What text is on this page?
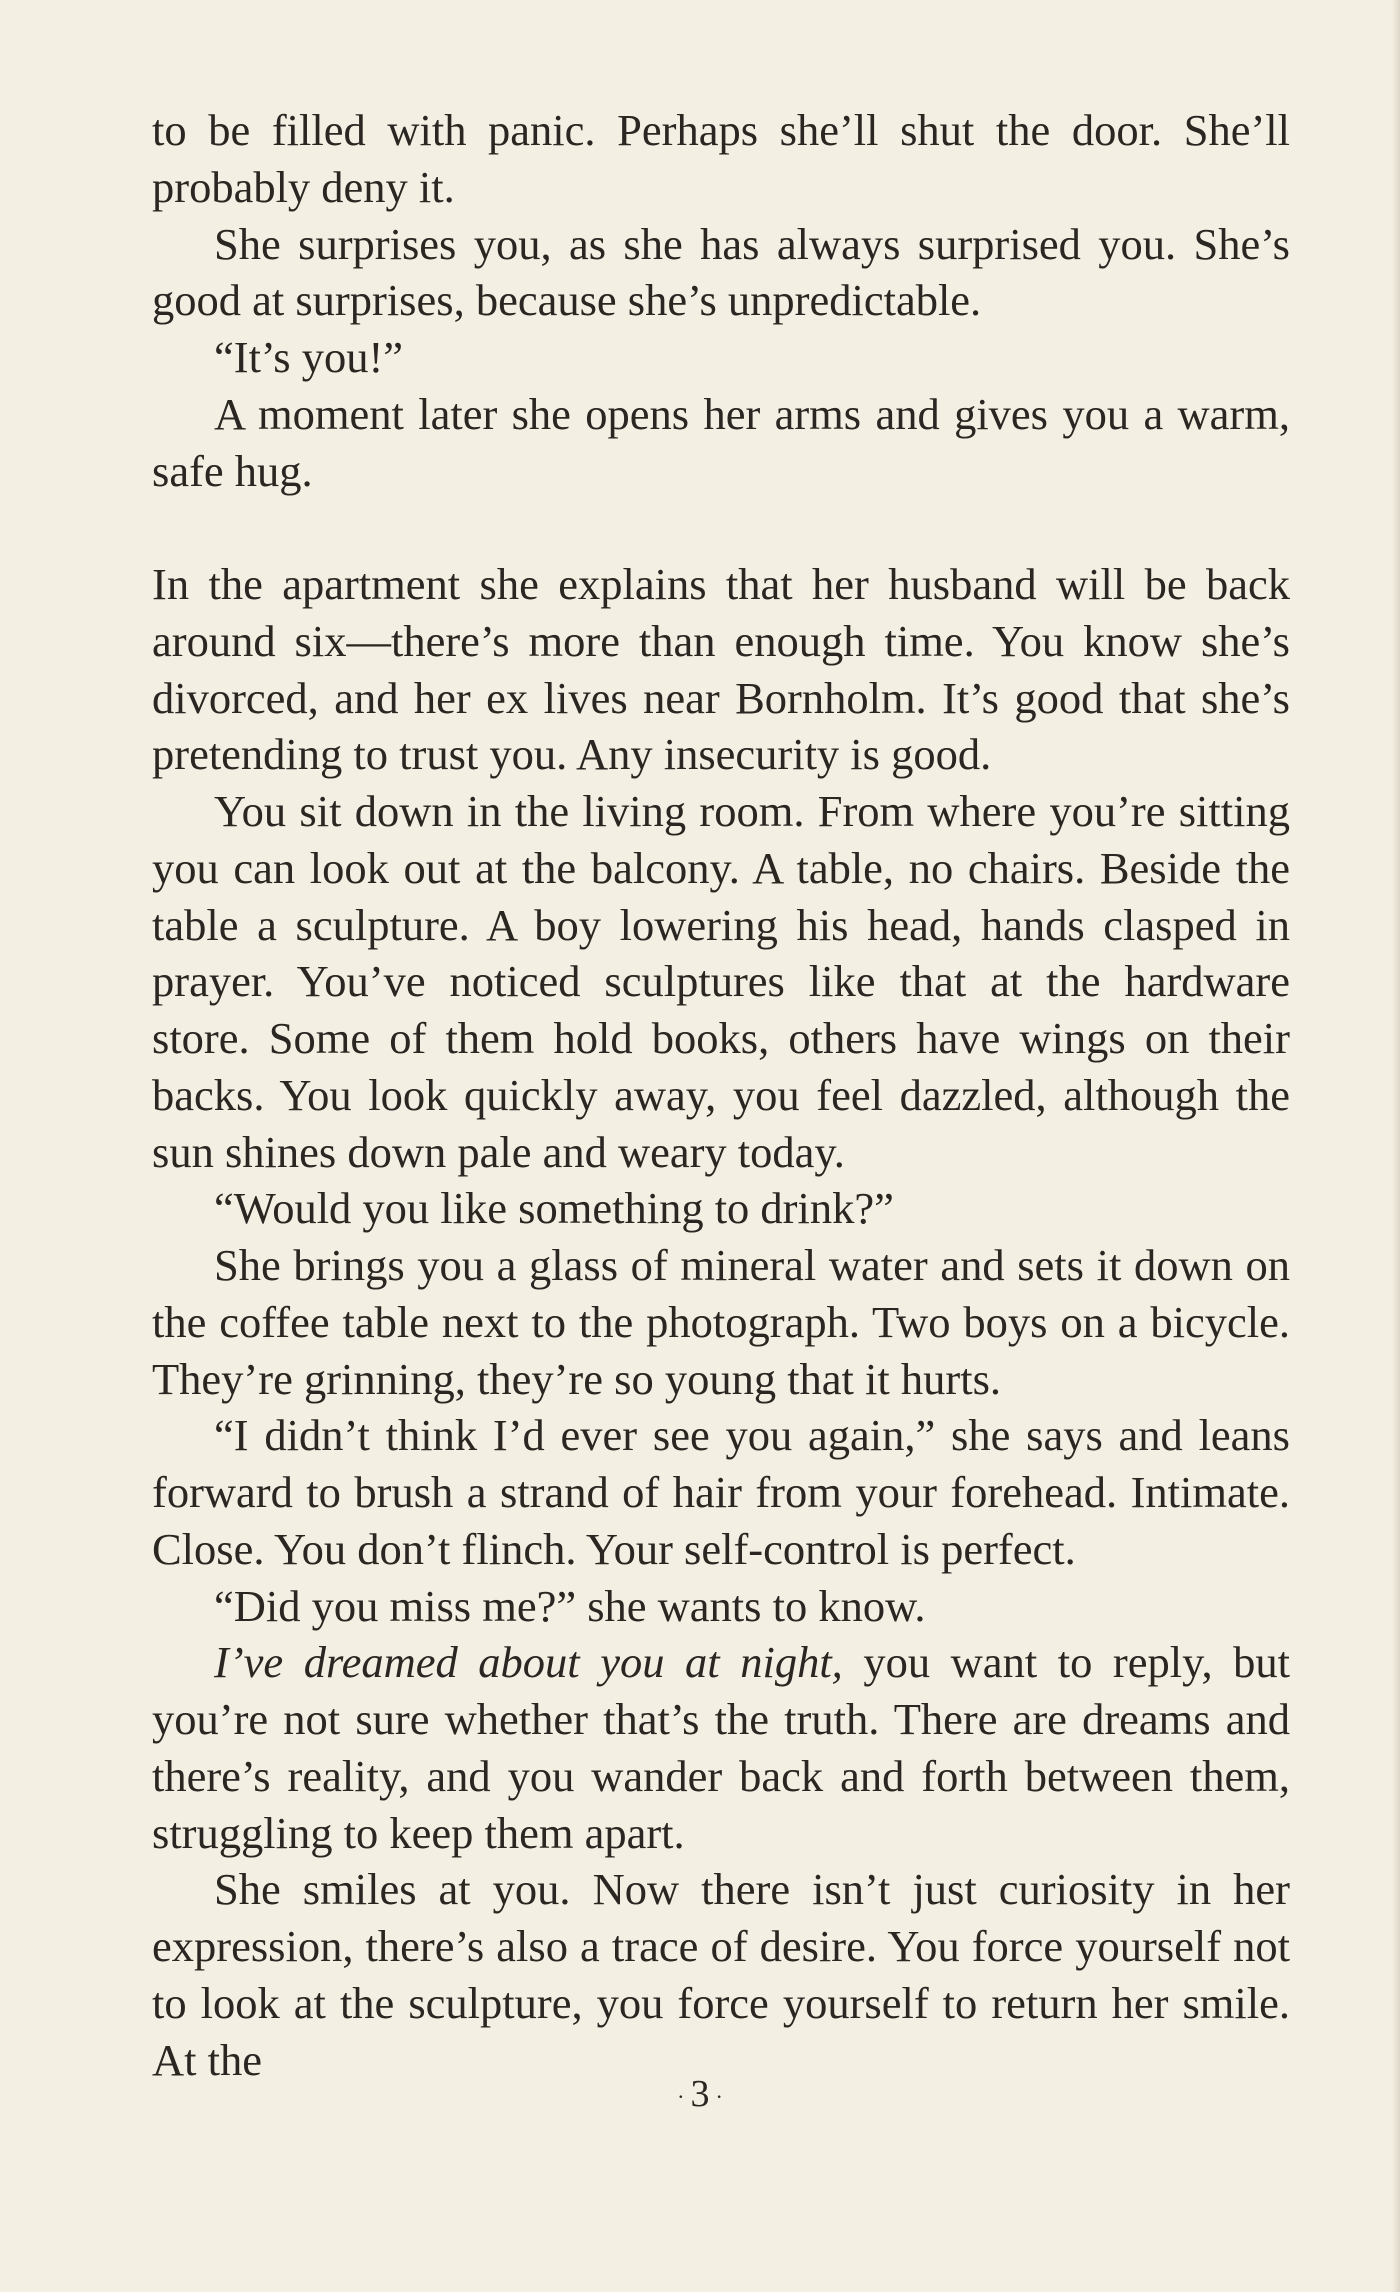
to be filled with panic. Perhaps she’ll shut the door. She’ll probably deny it.

She surprises you, as she has always surprised you. She’s good at surprises, because she’s unpredictable.

“It’s you!”

A moment later she opens her arms and gives you a warm, safe hug.

In the apartment she explains that her husband will be back around six—there’s more than enough time. You know she’s divorced, and her ex lives near Bornholm. It’s good that she’s pretending to trust you. Any insecurity is good.

You sit down in the living room. From where you’re sitting you can look out at the balcony. A table, no chairs. Beside the table a sculpture. A boy lowering his head, hands clasped in prayer. You’ve noticed sculptures like that at the hardware store. Some of them hold books, others have wings on their backs. You look quickly away, you feel dazzled, although the sun shines down pale and weary today.

“Would you like something to drink?”

She brings you a glass of mineral water and sets it down on the coffee table next to the photograph. Two boys on a bicycle. They’re grinning, they’re so young that it hurts.

“I didn’t think I’d ever see you again,” she says and leans forward to brush a strand of hair from your forehead. Intimate. Close. You don’t flinch. Your self-control is perfect.

“Did you miss me?” she wants to know.

I’ve dreamed about you at night, you want to reply, but you’re not sure whether that’s the truth. There are dreams and there’s reality, and you wander back and forth between them, struggling to keep them apart.

She smiles at you. Now there isn’t just curiosity in her expression, there’s also a trace of desire. You force yourself not to look at the sculpture, you force yourself to return her smile. At the

· 3 ·
